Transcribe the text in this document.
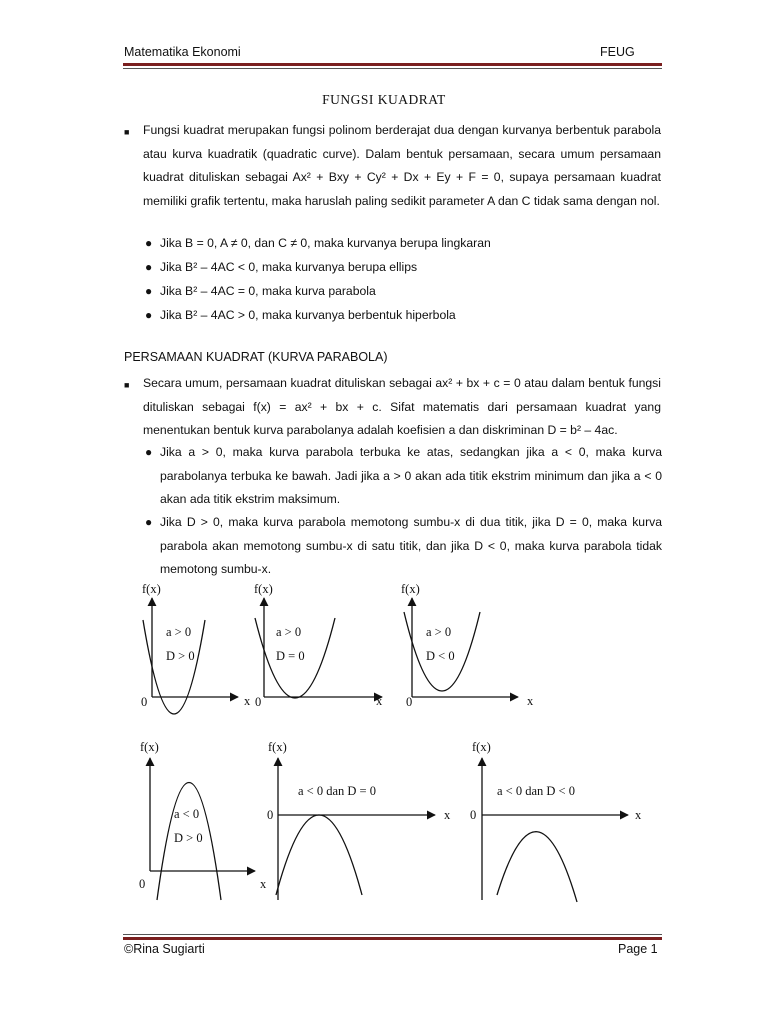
Matematika Ekonomi	FEUG
FUNGSI KUADRAT
■ Fungsi kuadrat merupakan fungsi polinom berderajat dua dengan kurvanya berbentuk parabola atau kurva kuadratik (quadratic curve). Dalam bentuk persamaan, secara umum persamaan kuadrat dituliskan sebagai Ax² + Bxy + Cy² + Dx + Ey + F = 0, supaya persamaan kuadrat memiliki grafik tertentu, maka haruslah paling sedikit parameter A dan C tidak sama dengan nol.
● Jika B = 0, A ≠ 0, dan C ≠ 0, maka kurvanya berupa lingkaran
● Jika B² – 4AC < 0, maka kurvanya berupa ellips
● Jika B² – 4AC = 0, maka kurva parabola
● Jika B² – 4AC > 0, maka kurvanya berbentuk hiperbola
PERSAMAAN KUADRAT (KURVA PARABOLA)
■ Secara umum, persamaan kuadrat dituliskan sebagai ax² + bx + c = 0 atau dalam bentuk fungsi dituliskan sebagai f(x) = ax² + bx + c. Sifat matematis dari persamaan kuadrat yang menentukan bentuk kurva parabolanya adalah koefisien a dan diskriminan D = b² – 4ac.
● Jika a > 0, maka kurva parabola terbuka ke atas, sedangkan jika a < 0, maka kurva parabolanya terbuka ke bawah. Jadi jika a > 0 akan ada titik ekstrim minimum dan jika a < 0 akan ada titik ekstrim maksimum.
● Jika D > 0, maka kurva parabola memotong sumbu-x di dua titik, jika D = 0, maka kurva parabola akan memotong sumbu-x di satu titik, dan jika D < 0, maka kurva parabola tidak memotong sumbu-x.
f(x)
a > 0
D > 0
0	x
f(x)
a > 0
D = 0
0	x
f(x)
a > 0
D < 0
0	x
f(x)
a < 0
D > 0
0	x
f(x)
a < 0 dan D = 0
0	x
f(x)
a < 0 dan D < 0
0	x
©Rina Sugiarti	Page 1
